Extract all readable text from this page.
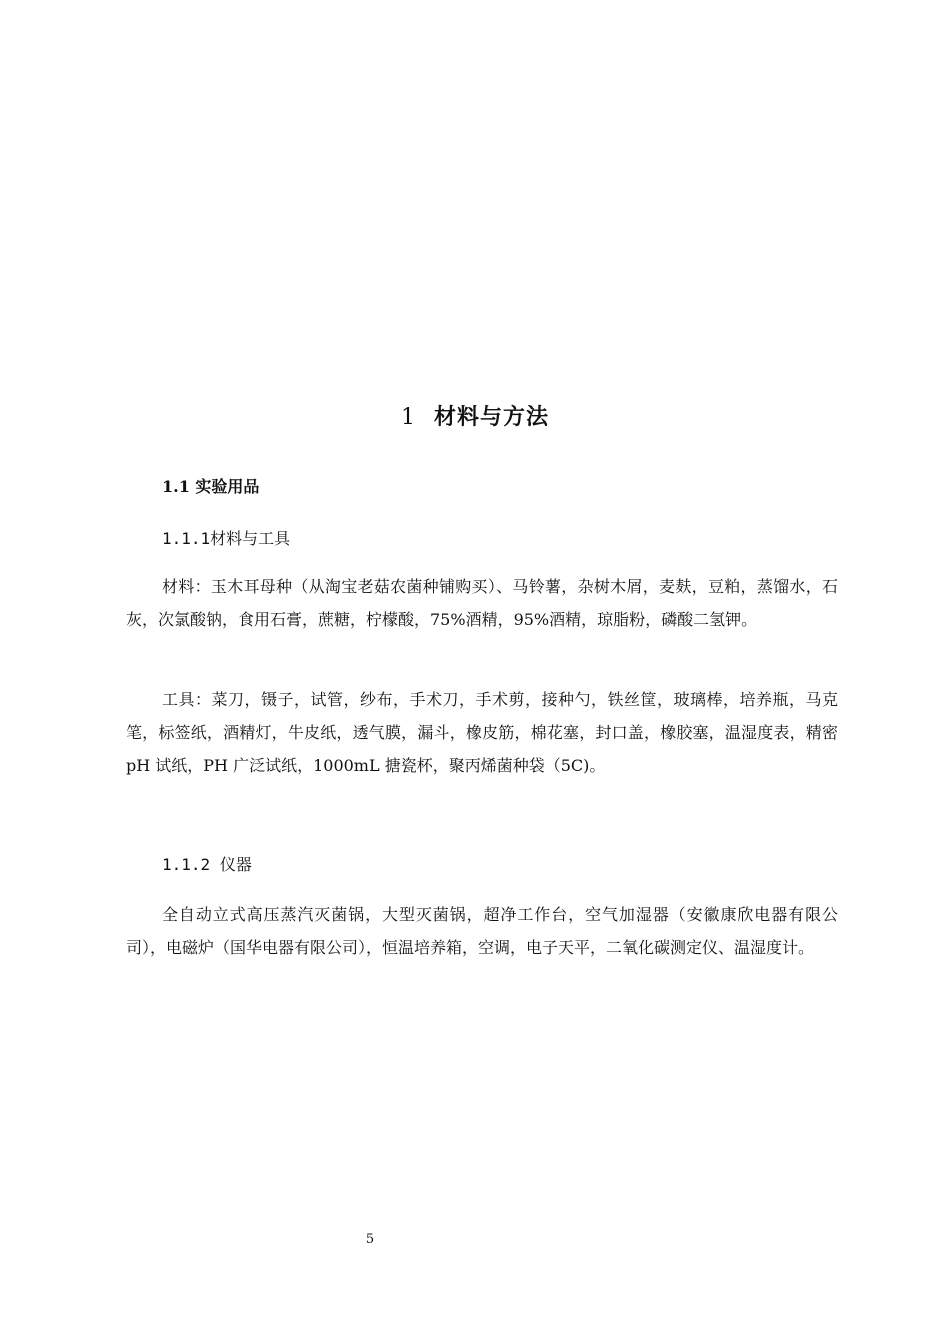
1 材料与方法
1.1 实验用品
1.1.1材料与工具

材料：玉木耳母种（从淘宝老菇农菌种铺购买）、马铃薯，杂树木屑，麦麸，豆粕，蒸馏水，石灰，次氯酸钠，食用石膏，蔗糖，柠檬酸，75%酒精，95%酒精，琼脂粉，磷酸二氢钾。

工具：菜刀，镊子，试管，纱布，手术刀，手术剪，接种勺，铁丝筐，玻璃棒，培养瓶，马克笔，标签纸，酒精灯，牛皮纸，透气膜，漏斗，橡皮筋，棉花塞，封口盖，橡胶塞，温湿度表，精密 pH 试纸，PH 广泛试纸，1000mL 搪瓷杯，聚丙烯菌种袋（5C)。

1.1.2 仪器

全自动立式高压蒸汽灭菌锅，大型灭菌锅，超净工作台，空气加湿器（安徽康欣电器有限公司），电磁炉（国华电器有限公司），恒温培养箱，空调，电子天平，二氧化碳测定仪、温湿度计。

5
